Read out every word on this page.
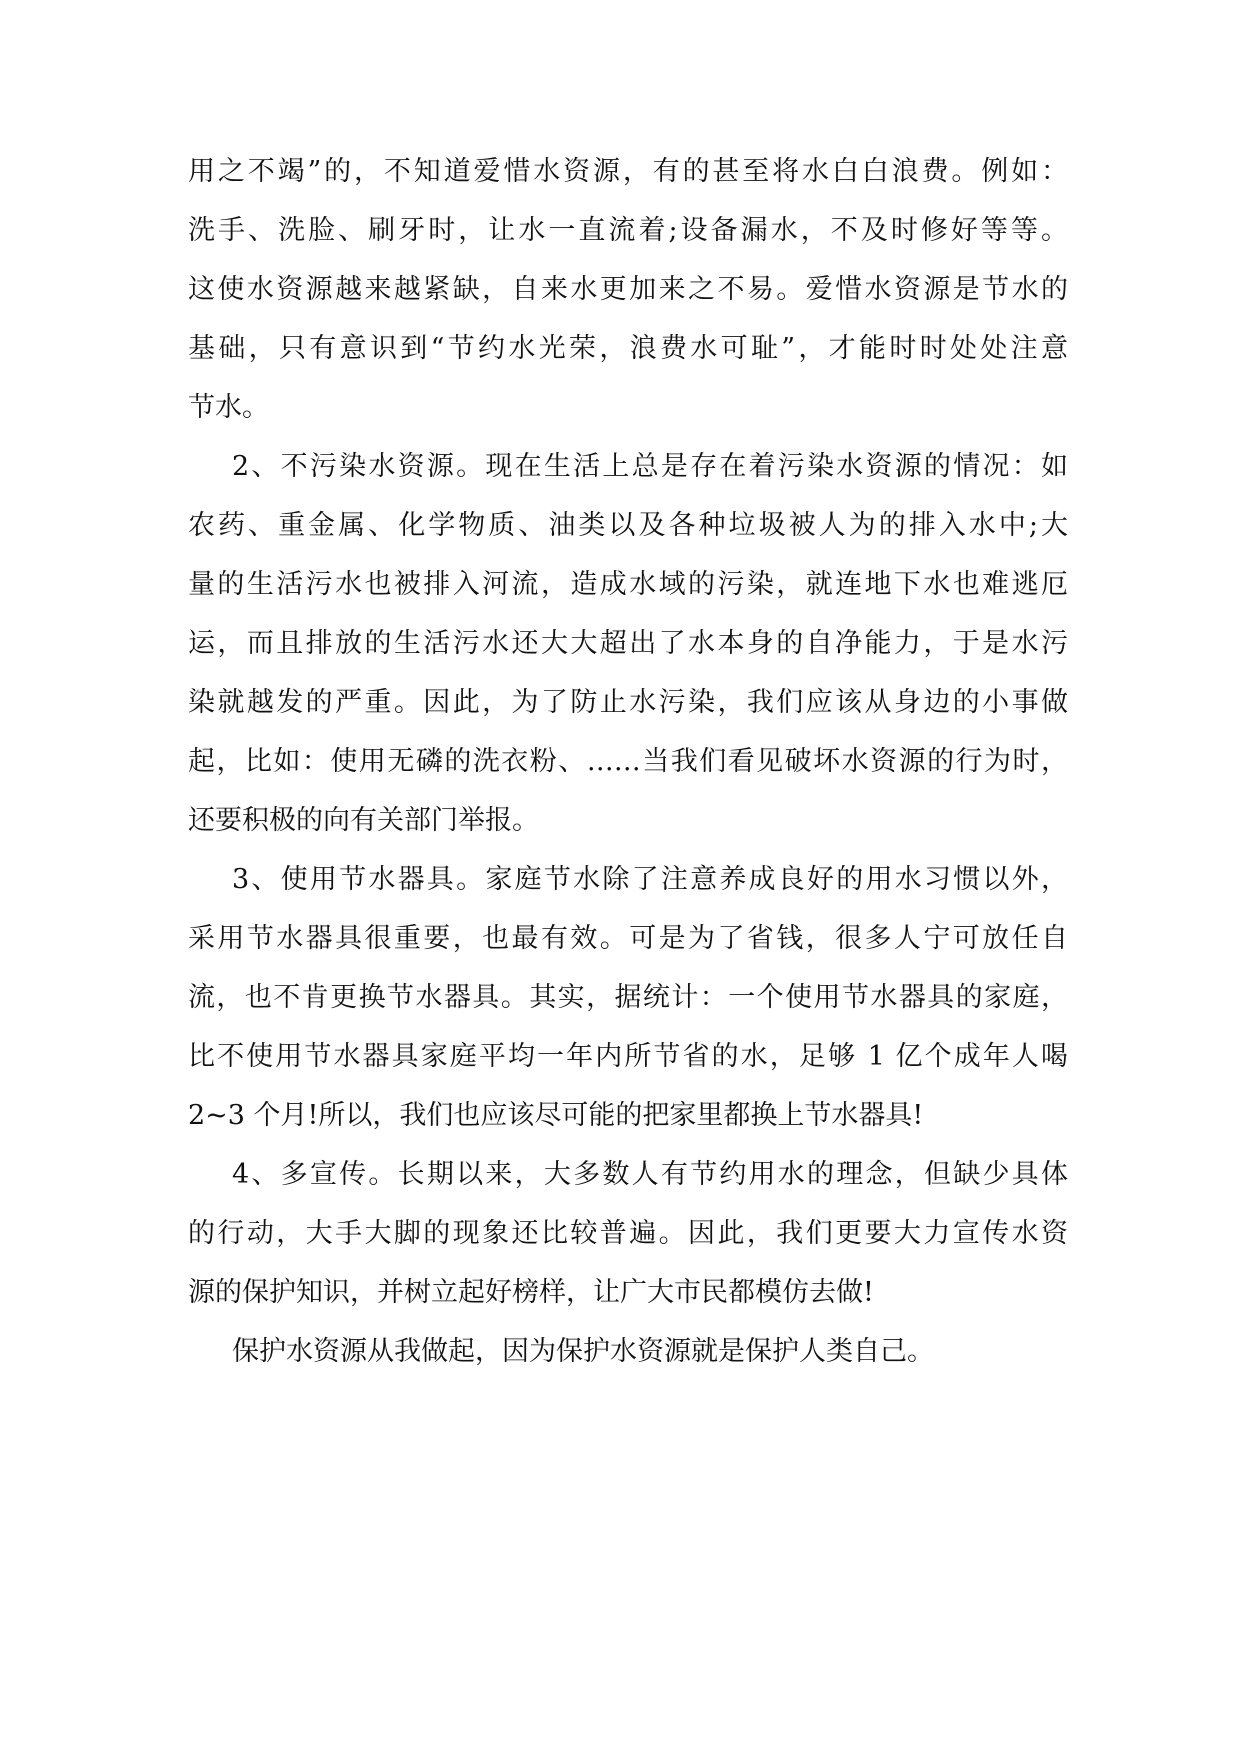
用之不竭”的，不知道爱惜水资源，有的甚至将水白白浪费。例如：
洗手、洗脸、刷牙时，让水一直流着;设备漏水，不及时修好等等。
这使水资源越来越紧缺，自来水更加来之不易。爱惜水资源是节水的
基础，只有意识到“节约水光荣，浪费水可耻”，才能时时处处注意
节水。
2、不污染水资源。现在生活上总是存在着污染水资源的情况：如
农药、重金属、化学物质、油类以及各种垃圾被人为的排入水中;大
量的生活污水也被排入河流，造成水域的污染，就连地下水也难逃厄
运，而且排放的生活污水还大大超出了水本身的自净能力，于是水污
染就越发的严重。因此，为了防止水污染，我们应该从身边的小事做
起，比如：使用无磷的洗衣粉、……当我们看见破坏水资源的行为时，
还要积极的向有关部门举报。
3、使用节水器具。家庭节水除了注意养成良好的用水习惯以外，
采用节水器具很重要，也最有效。可是为了省钱，很多人宁可放任自
流，也不肯更换节水器具。其实，据统计：一个使用节水器具的家庭，
比不使用节水器具家庭平均一年内所节省的水，足够 1 亿个成年人喝
2~3 个月!所以，我们也应该尽可能的把家里都换上节水器具!
4、多宣传。长期以来，大多数人有节约用水的理念，但缺少具体
的行动，大手大脚的现象还比较普遍。因此，我们更要大力宣传水资
源的保护知识，并树立起好榜样，让广大市民都模仿去做!
保护水资源从我做起，因为保护水资源就是保护人类自己。
